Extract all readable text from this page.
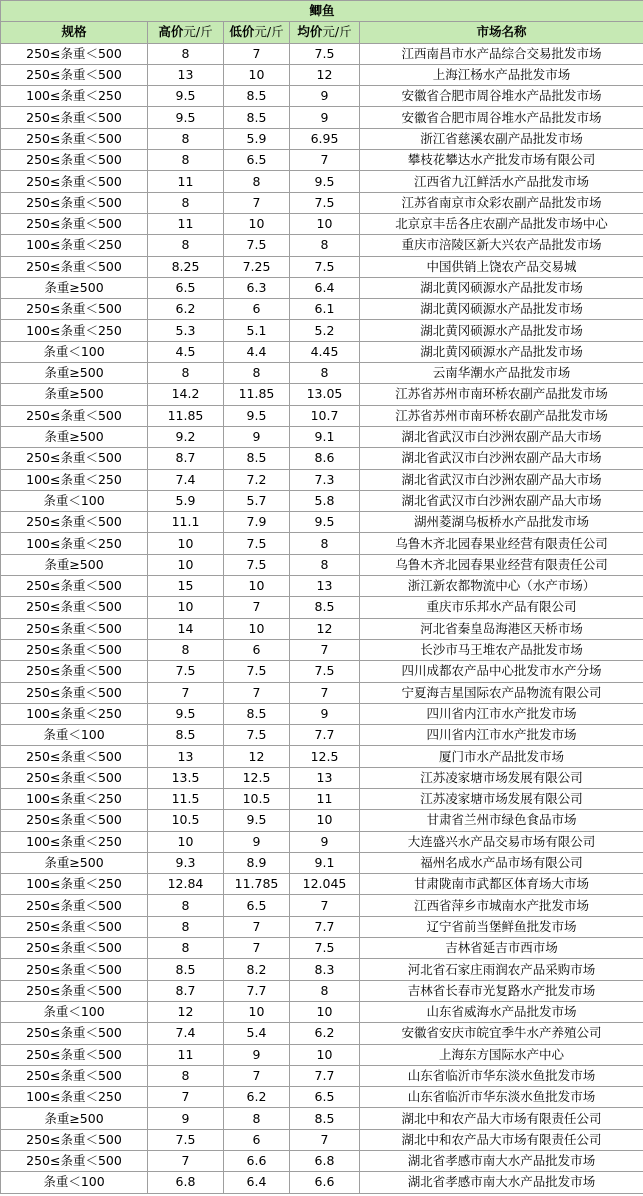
鲫鱼				
规格	高价元/斤	低价元/斤	均价元/斤	市场名称
250≤条重＜500	8	7	7.5	江西南昌市水产品综合交易批发市场
250≤条重＜500	13	10	12	上海江杨水产品批发市场
100≤条重＜250	9.5	8.5	9	安徽省合肥市周谷堆水产品批发市场
250≤条重＜500	9.5	8.5	9	安徽省合肥市周谷堆水产品批发市场
250≤条重＜500	8	5.9	6.95	浙江省慈溪农副产品批发市场
250≤条重＜500	8	6.5	7	攀枝花攀达水产批发市场有限公司
250≤条重＜500	11	8	9.5	江西省九江鲜活水产品批发市场
250≤条重＜500	8	7	7.5	江苏省南京市众彩农副产品批发市场
250≤条重＜500	11	10	10	北京京丰岳各庄农副产品批发市场中心
100≤条重＜250	8	7.5	8	重庆市涪陵区新大兴农产品批发市场
250≤条重＜500	8.25	7.25	7.5	中国供销上饶农产品交易城
条重≥500	6.5	6.3	6.4	湖北黄冈硕源水产品批发市场
250≤条重＜500	6.2	6	6.1	湖北黄冈硕源水产品批发市场
100≤条重＜250	5.3	5.1	5.2	湖北黄冈硕源水产品批发市场
条重＜100	4.5	4.4	4.45	湖北黄冈硕源水产品批发市场
条重≥500	8	8	8	云南华潮水产品批发市场
条重≥500	14.2	11.85	13.05	江苏省苏州市南环桥农副产品批发市场
250≤条重＜500	11.85	9.5	10.7	江苏省苏州市南环桥农副产品批发市场
条重≥500	9.2	9	9.1	湖北省武汉市白沙洲农副产品大市场
250≤条重＜500	8.7	8.5	8.6	湖北省武汉市白沙洲农副产品大市场
100≤条重＜250	7.4	7.2	7.3	湖北省武汉市白沙洲农副产品大市场
条重＜100	5.9	5.7	5.8	湖北省武汉市白沙洲农副产品大市场
250≤条重＜500	11.1	7.9	9.5	湖州菱湖乌板桥水产品批发市场
100≤条重＜250	10	7.5	8	乌鲁木齐北园春果业经营有限责任公司
条重≥500	10	7.5	8	乌鲁木齐北园春果业经营有限责任公司
250≤条重＜500	15	10	13	浙江新农都物流中心（水产市场）
250≤条重＜500	10	7	8.5	重庆市乐邦水产品有限公司
250≤条重＜500	14	10	12	河北省秦皇岛海港区天桥市场
250≤条重＜500	8	6	7	长沙市马王堆农产品批发市场
250≤条重＜500	7.5	7.5	7.5	四川成都农产品中心批发市水产分场
250≤条重＜500	7	7	7	宁夏海吉星国际农产品物流有限公司
100≤条重＜250	9.5	8.5	9	四川省内江市水产批发市场
条重＜100	8.5	7.5	7.7	四川省内江市水产批发市场
250≤条重＜500	13	12	12.5	厦门市水产品批发市场
250≤条重＜500	13.5	12.5	13	江苏凌家塘市场发展有限公司
100≤条重＜250	11.5	10.5	11	江苏凌家塘市场发展有限公司
250≤条重＜500	10.5	9.5	10	甘肃省兰州市绿色食品市场
100≤条重＜250	10	9	9	大连盛兴水产品交易市场有限公司
条重≥500	9.3	8.9	9.1	福州名成水产品市场有限公司
100≤条重＜250	12.84	11.785	12.045	甘肃陇南市武都区体育场大市场
250≤条重＜500	8	6.5	7	江西省萍乡市城南水产批发市场
250≤条重＜500	8	7	7.7	辽宁省前当堡鲜鱼批发市场
250≤条重＜500	8	7	7.5	吉林省延吉市西市场
250≤条重＜500	8.5	8.2	8.3	河北省石家庄雨润农产品采购市场
250≤条重＜500	8.7	7.7	8	吉林省长春市光复路水产批发市场
条重＜100	12	10	10	山东省威海水产品批发市场
250≤条重＜500	7.4	5.4	6.2	安徽省安庆市皖宜季牛水产养殖公司
250≤条重＜500	11	9	10	上海东方国际水产中心
250≤条重＜500	8	7	7.7	山东省临沂市华东淡水鱼批发市场
100≤条重＜250	7	6.2	6.5	山东省临沂市华东淡水鱼批发市场
条重≥500	9	8	8.5	湖北中和农产品大市场有限责任公司
250≤条重＜500	7.5	6	7	湖北中和农产品大市场有限责任公司
250≤条重＜500	7	6.6	6.8	湖北省孝感市南大水产品批发市场
条重＜100	6.8	6.4	6.6	湖北省孝感市南大水产品批发市场
